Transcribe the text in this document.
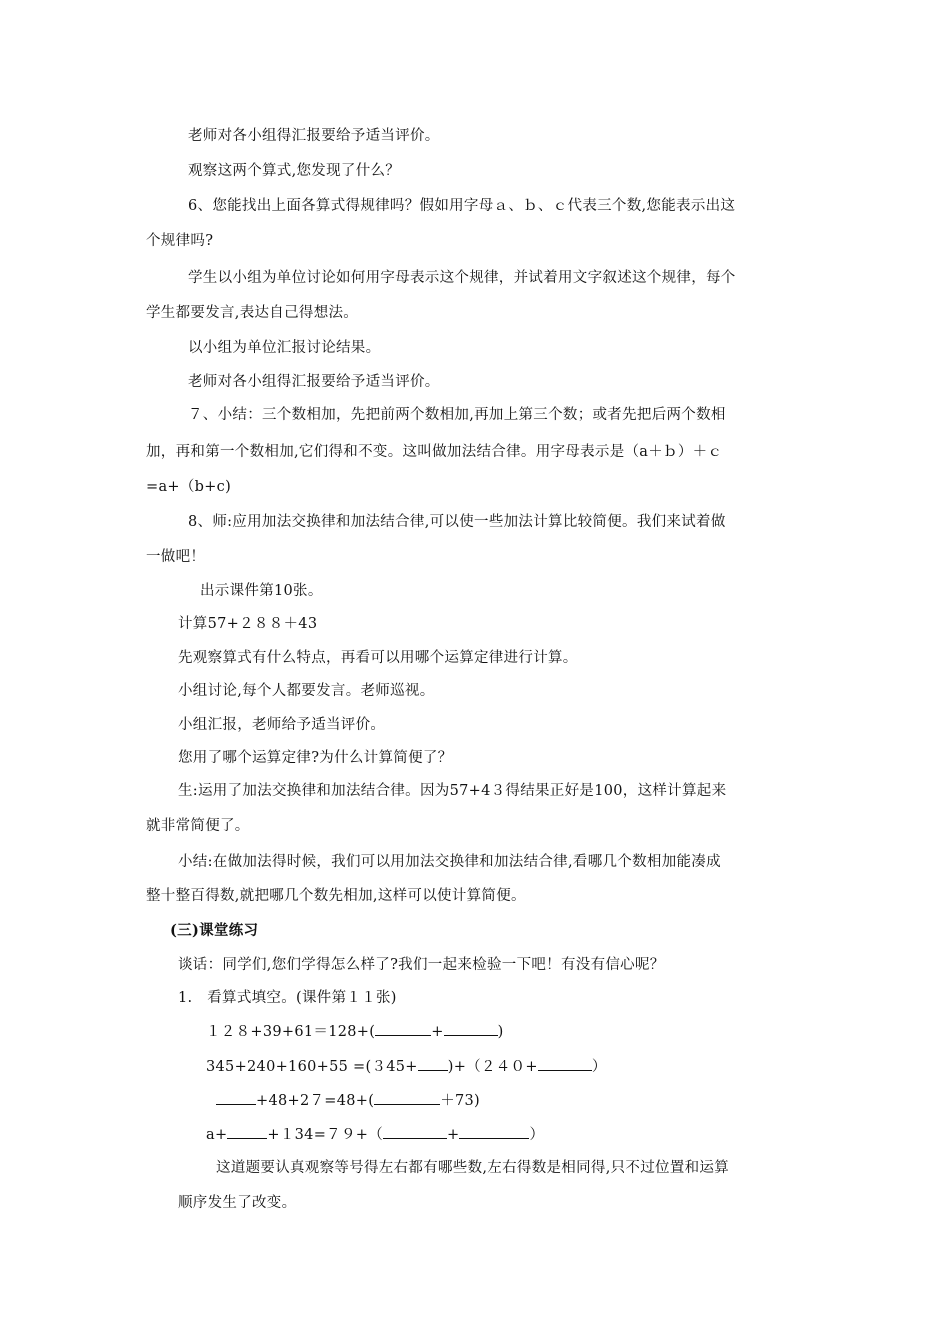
老师对各小组得汇报要给予适当评价。
观察这两个算式,您发现了什么？
6、您能找出上面各算式得规律吗？假如用字母ａ、ｂ、ｃ代表三个数,您能表示出这
个规律吗?
学生以小组为单位讨论如何用字母表示这个规律，并试着用文字叙述这个规律，每个
学生都要发言,表达自己得想法。
以小组为单位汇报讨论结果。
老师对各小组得汇报要给予适当评价。
７、小结：三个数相加，先把前两个数相加,再加上第三个数；或者先把后两个数相
加，再和第一个数相加,它们得和不变。这叫做加法结合律。用字母表示是（a＋ｂ）＋ｃ
=a+（b+c)
8、师:应用加法交换律和加法结合律,可以使一些加法计算比较简便。我们来试着做
一做吧！
出示课件第10张。
计算57+２８８＋43
先观察算式有什么特点，再看可以用哪个运算定律进行计算。
小组讨论,每个人都要发言。老师巡视。
小组汇报，老师给予适当评价。
您用了哪个运算定律?为什么计算简便了？
生:运用了加法交换律和加法结合律。因为57+4３得结果正好是100，这样计算起来
就非常简便了。
小结:在做加法得时候，我们可以用加法交换律和加法结合律,看哪几个数相加能凑成
整十整百得数,就把哪几个数先相加,这样可以使计算简便。
(三)课堂练习
谈话：同学们,您们学得怎么样了?我们一起来检验一下吧！有没有信心呢？
1.　看算式填空。(课件第１１张)
１２８+39+61＝128+(	+	)
345+240+160+55 =(３45+ )+（２４０+	）
+48+2７=48+(	＋73)
a+	+１34=７９+（	+	）
这道题要认真观察等号得左右都有哪些数,左右得数是相同得,只不过位置和运算
顺序发生了改变。
